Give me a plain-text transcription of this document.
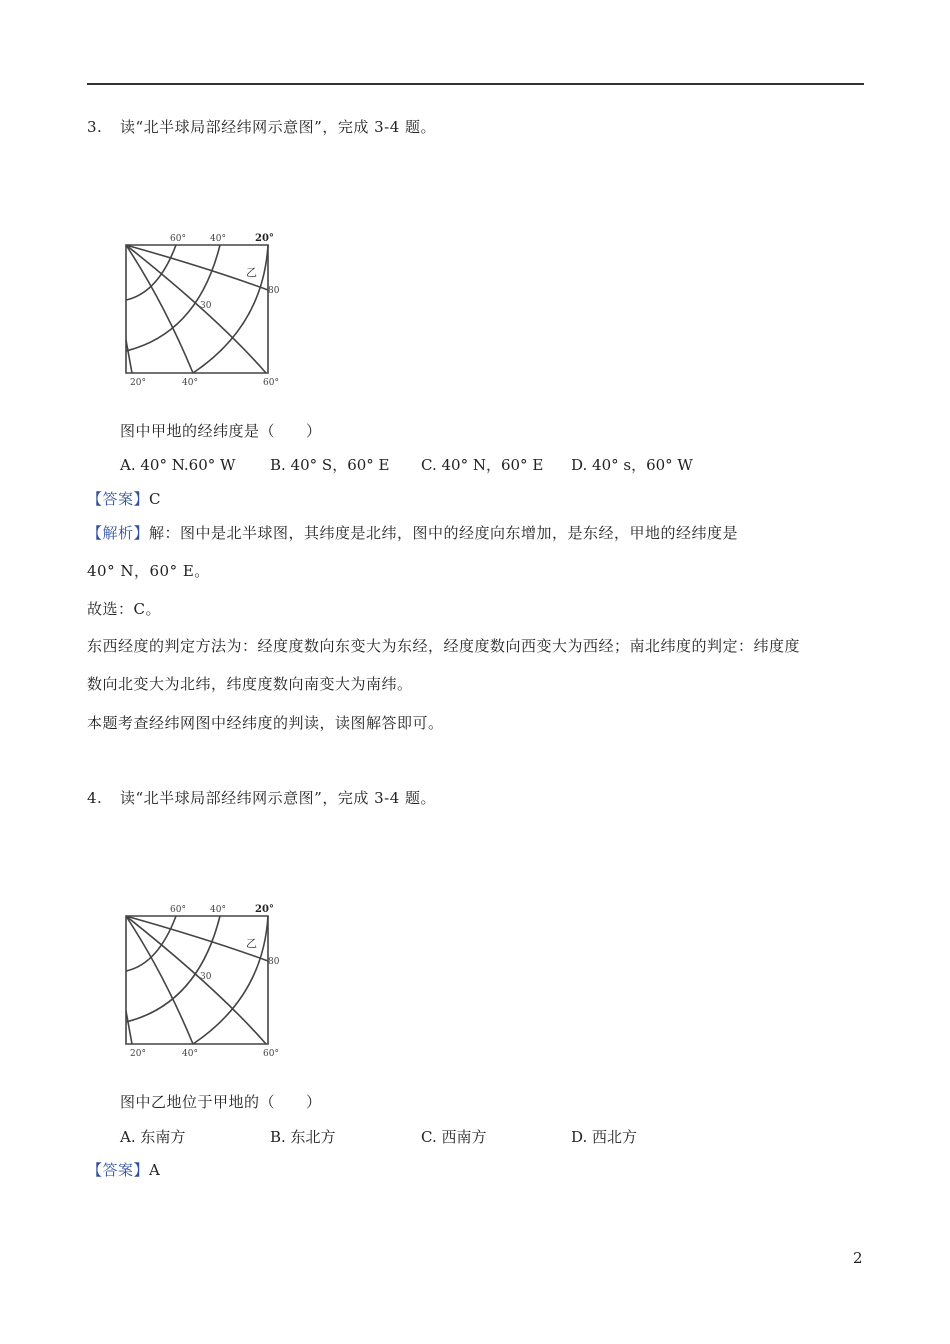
3. 读“北半球局部经纬网示意图”，完成 3-4 题。
60°	40°	20°
20°	40°	60°
80
30
乙
图中甲地的经纬度是（　　）
A. 40° N.60° W B. 40° S，60° E C. 40° N，60° E D. 40° s，60° W
【答案】C
【解析】解：图中是北半球图，其纬度是北纬，图中的经度向东增加，是东经，甲地的经纬度是
40° N，60° E。
故选：C。
东西经度的判定方法为：经度度数向东变大为东经，经度度数向西变大为西经；南北纬度的判定：纬度度
数向北变大为北纬，纬度度数向南变大为南纬。
本题考查经纬网图中经纬度的判读，读图解答即可。
4. 读“北半球局部经纬网示意图”，完成 3-4 题。
60°	40°	20°
20°	40°	60°
80
30
乙
图中乙地位于甲地的（　　）
A. 东南方	B. 东北方	C. 西南方	D. 西北方
【答案】A
2
